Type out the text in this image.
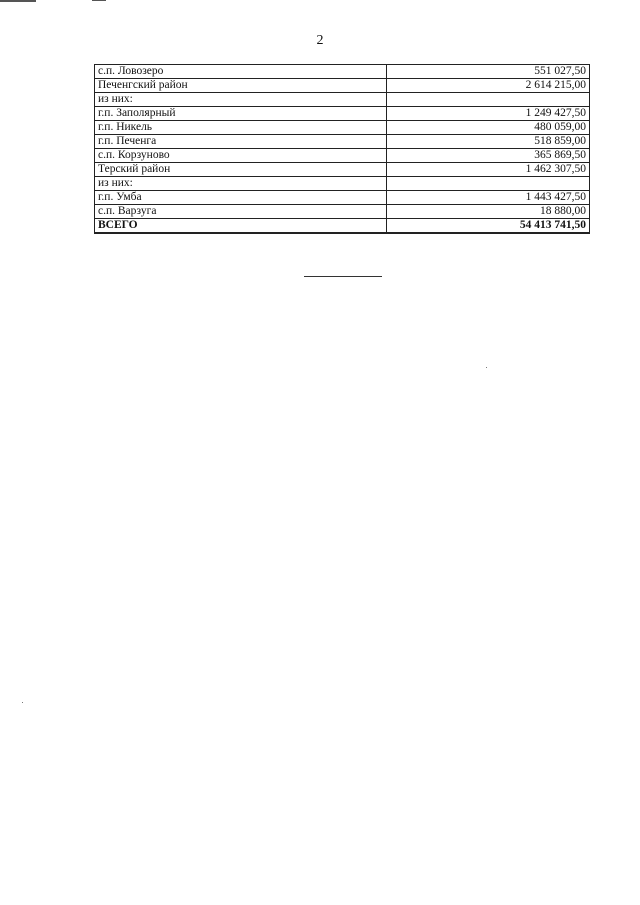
2
с.п. Ловозеро	551 027,50
Печенгский район	2 614 215,00
из них:	
г.п. Заполярный	1 249 427,50
г.п. Никель	480 059,00
г.п. Печенга	518 859,00
с.п. Корзуново	365 869,50
Терский район	1 462 307,50
из них:	
г.п. Умба	1 443 427,50
с.п. Варзуга	18 880,00
ВСЕГО	54 413 741,50
